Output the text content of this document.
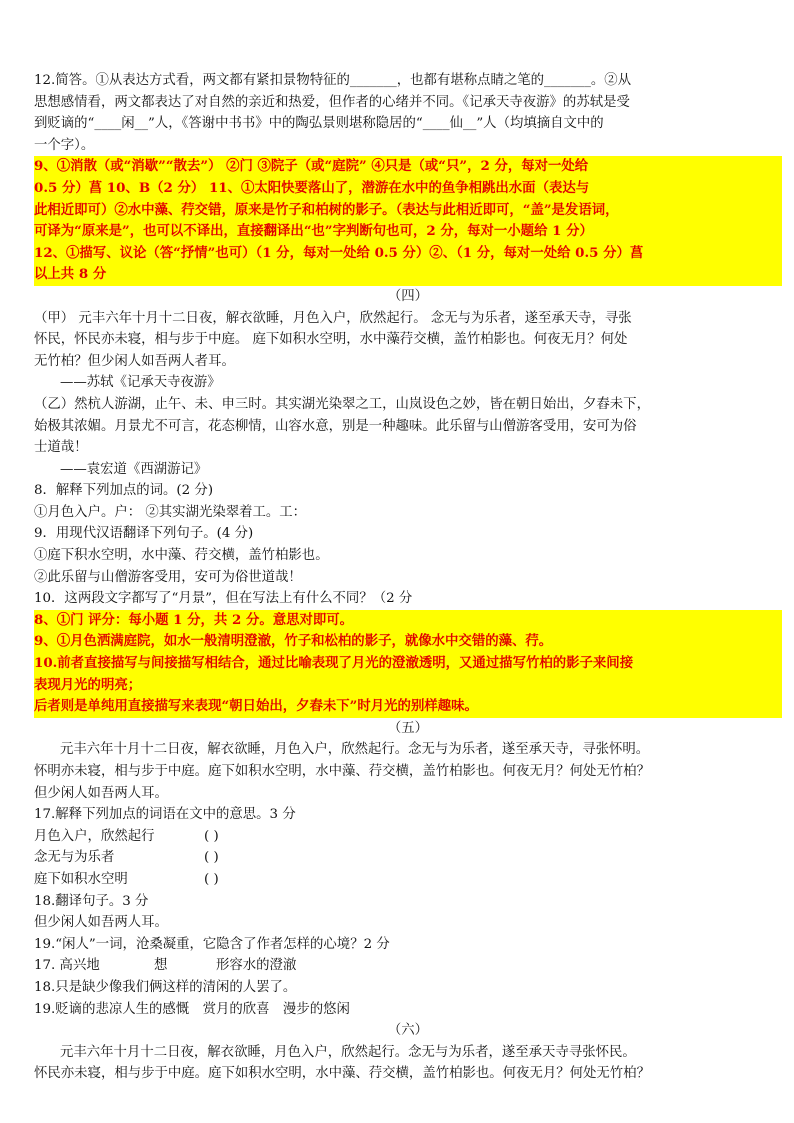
12.简答。①从表达方式看，两文都有紧扣景物特征的_______，也都有堪称点睛之笔的_______。②从

思想感情看，两文都表达了对自然的亲近和热爱，但作者的心绪并不同。《记承天寺夜游》的苏轼是受

到贬谪的“____闲__”人，《答谢中书书》中的陶弘景则堪称隐居的“____仙__”人（均填摘自文中的

一个字）。

9、①消散（或“消歇”“散去”） ②门 ③院子（或“庭院” ④只是（或“只”，2 分，每对一处给

0.5 分）菖 10、B（2 分） 11、①太阳快要落山了，潜游在水中的鱼争相跳出水面（表达与

此相近即可）②水中藻、荇交错，原来是竹子和柏树的影子。（表达与此相近即可，“盖”是发语词，

可译为“原来是”，也可以不译出，直接翻译出“也”字判断句也可，2 分，每对一小题给 1 分）

12、①描写、议论（答“抒情”也可）（1 分，每对一处给 0.5 分）②、（1 分，每对一处给 0.5 分）菖

以上共 8 分

（四）

（甲） 元丰六年十月十二日夜，解衣欲睡，月色入户，欣然起行。 念无与为乐者，遂至承天寺，寻张

怀民，怀民亦未寝，相与步于中庭。 庭下如积水空明，水中藻荇交横，盖竹柏影也。何夜无月？何处

无竹柏？但少闲人如吾两人者耳。

——苏轼《记承天寺夜游》

（乙）然杭人游湖，止午、未、申三时。其实湖光染翠之工，山岚设色之妙，皆在朝日始出，夕舂未下，

始极其浓媚。月景尤不可言，花态柳情，山容水意，别是一种趣味。此乐留与山僧游客受用，安可为俗

士道哉！

——袁宏道《西湖游记》

8．解释下列加点的词。(2 分)

①月色入户。户： ②其实湖光染翠着工。工：

9．用现代汉语翻译下列句子。(4 分)

①庭下积水空明，水中藻、荇交横，盖竹柏影也。

②此乐留与山僧游客受用，安可为俗世道哉！

10．这两段文字都写了“月景”，但在写法上有什么不同？（2 分

8、①门 评分：每小题 1 分，共 2 分。意思对即可。

9、①月色洒满庭院，如水一般清明澄澈，竹子和松柏的影子，就像水中交错的藻、荇。

10.前者直接描写与间接描写相结合，通过比喻表现了月光的澄澈透明，又通过描写竹柏的影子来间接

表现月光的明亮；

后者则是单纯用直接描写来表现“朝日始出，夕舂未下”时月光的别样趣味。

（五）

元丰六年十月十二日夜，解衣欲睡，月色入户，欣然起行。念无与为乐者，遂至承天寺，寻张怀明。

怀明亦未寝，相与步于中庭。庭下如积水空明，水中藻、荇交横，盖竹柏影也。何夜无月？何处无竹柏？

但少闲人如吾两人耳。

17.解释下列加点的词语在文中的意思。3 分

月色入户，欣然起行	( )

念无与为乐者	( )

庭下如积水空明	( )

18.翻译句子。3 分

但少闲人如吾两人耳。

19.“闲人”一词，沧桑凝重，它隐含了作者怎样的心境？2 分

17. 高兴地	想	形容水的澄澈

18.只是缺少像我们俩这样的清闲的人罢了。

19.贬谪的悲凉人生的感慨　赏月的欣喜　漫步的悠闲

（六）

元丰六年十月十二日夜，解衣欲睡，月色入户，欣然起行。念无与为乐者，遂至承天寺寻张怀民。

怀民亦未寝，相与步于中庭。庭下如积水空明，水中藻、荇交横，盖竹柏影也。何夜无月？何处无竹柏？
